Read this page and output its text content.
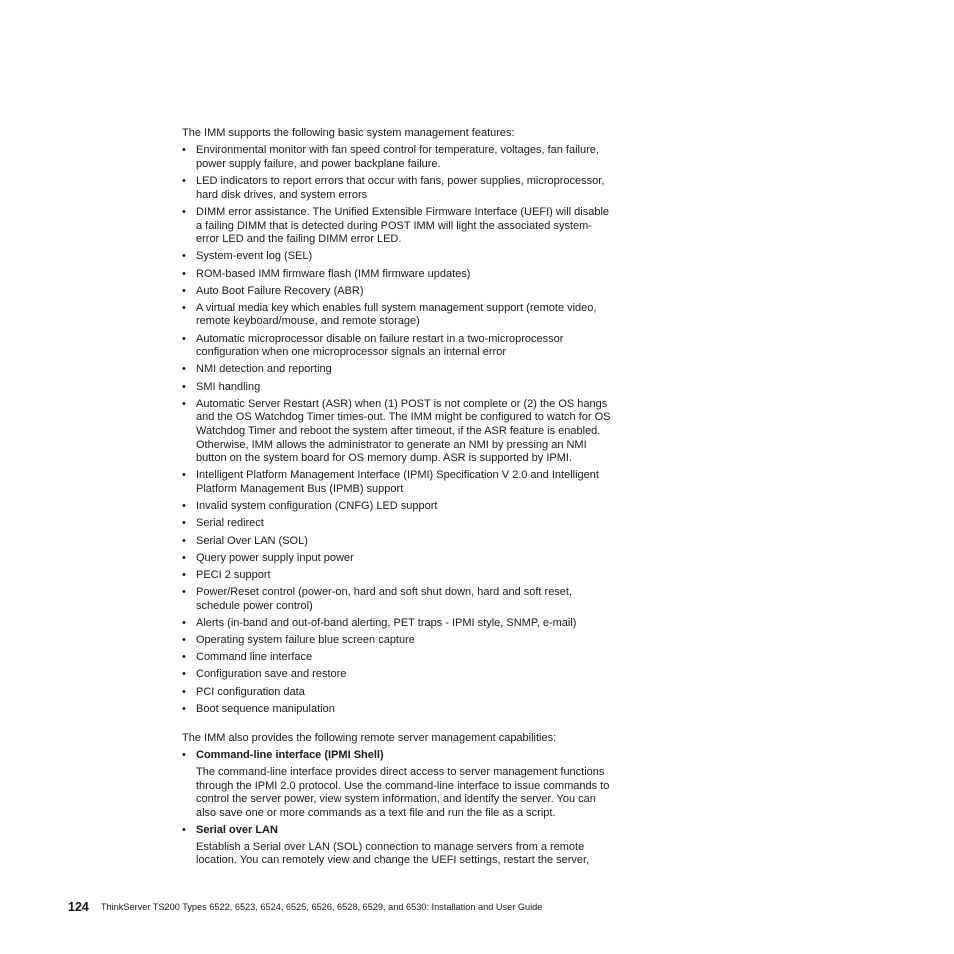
The IMM supports the following basic system management features:

• Environmental monitor with fan speed control for temperature, voltages, fan failure, power supply failure, and power backplane failure.
• LED indicators to report errors that occur with fans, power supplies, microprocessor, hard disk drives, and system errors
• DIMM error assistance. The Unified Extensible Firmware Interface (UEFI) will disable a failing DIMM that is detected during POST IMM will light the associated system-error LED and the failing DIMM error LED.
• System-event log (SEL)
• ROM-based IMM firmware flash (IMM firmware updates)
• Auto Boot Failure Recovery (ABR)
• A virtual media key which enables full system management support (remote video, remote keyboard/mouse, and remote storage)
• Automatic microprocessor disable on failure restart in a two-microprocessor configuration when one microprocessor signals an internal error
• NMI detection and reporting
• SMI handling
• Automatic Server Restart (ASR) when (1) POST is not complete or (2) the OS hangs and the OS Watchdog Timer times-out. The IMM might be configured to watch for OS Watchdog Timer and reboot the system after timeout, if the ASR feature is enabled. Otherwise, IMM allows the administrator to generate an NMI by pressing an NMI button on the system board for OS memory dump. ASR is supported by IPMI.
• Intelligent Platform Management Interface (IPMI) Specification V 2.0 and Intelligent Platform Management Bus (IPMB) support
• Invalid system configuration (CNFG) LED support
• Serial redirect
• Serial Over LAN (SOL)
• Query power supply input power
• PECI 2 support
• Power/Reset control (power-on, hard and soft shut down, hard and soft reset, schedule power control)
• Alerts (in-band and out-of-band alerting, PET traps - IPMI style, SNMP, e-mail)
• Operating system failure blue screen capture
• Command line interface
• Configuration save and restore
• PCI configuration data
• Boot sequence manipulation

The IMM also provides the following remote server management capabilities:

• Command-line interface (IPMI Shell)
The command-line interface provides direct access to server management functions through the IPMI 2.0 protocol. Use the command-line interface to issue commands to control the server power, view system information, and identify the server. You can also save one or more commands as a text file and run the file as a script.
• Serial over LAN
Establish a Serial over LAN (SOL) connection to manage servers from a remote location. You can remotely view and change the UEFI settings, restart the server,
124 ThinkServer TS200 Types 6522, 6523, 6524, 6525, 6526, 6528, 6529, and 6530: Installation and User Guide
